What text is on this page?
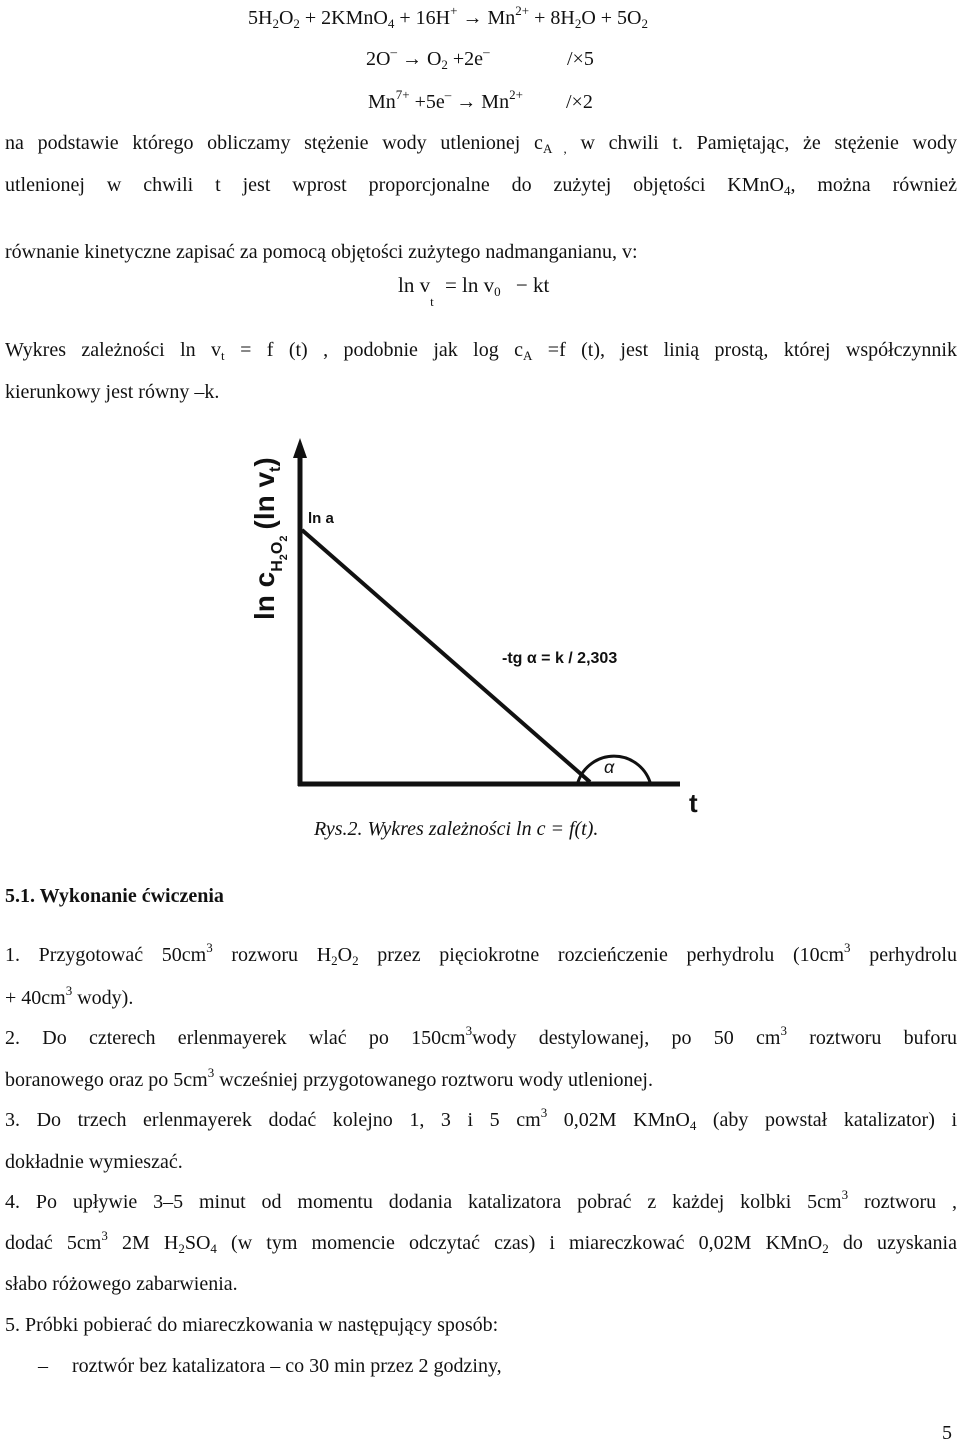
$5H_2O_2$ + 2KMnO$_4$ + $16H^+ \to Mn^{2+} + 8H_2O + 5O_2$
$2O^- \to O_2 +2e^-$	/×5
$Mn^{7+} +5e^- \to Mn^{2+}$ /×2
na podstawie którego obliczamy stężenie wody utlenionej $c_{A ,}$ w chwili t. Pamiętając, że stężenie wody
utlenionej w chwili t jest wprost proporcjonalne do zużytej objętości KMnO$_4$, można również
równanie kinetyczne zapisać za pomocą objętości zużytego nadmanganianu, v:
$\ln v_t = \ln v_0$ − kt
Wykres zależności $\ln v_t = f$ (t) , podobnie jak $\log c_A =f$ (t), jest linią prostą, której współczynnik
kierunkowy jest równy –k.
$\ln c_H2O2(\ln$ $v_t$)
ln a
-tg α = k / 2,303
α
t
Rys.2. Wykres zależności ln c = f(t).
5.1. Wykonanie ćwiczenia
1. Przygotować $50cm^3$ rozworu $H_2O_2$ przez pięciokrotne rozcieńczenie perhydrolu ($10cm^3$ perhydrolu
+ $40cm^3$ wody).
2. Do czterech erlenmayerek wlać po $150cm^3wody$ destylowanej, po 50 $cm^3$ roztworu buforu
boranowego oraz po $5cm^3$ wcześniej przygotowanego roztworu wody utlenionej.
3. Do trzech erlenmayerek dodać kolejno 1, 3 i 5 $cm^3$ 0,02M KMnO$_4$ (aby powstał katalizator) i
dokładnie wymieszać.
4. Po upływie 3–5 minut od momentu dodania katalizatora pobrać z każdej kolbki $5cm^3$ roztworu ,
dodać $5cm^3$ 2M $H_2SO_4$ (w tym momencie odczytać czas) i miareczkować 0,02M KMnO$_2$ do uzyskania
słabo różowego zabarwienia.
5. Próbki pobierać do miareczkowania w następujący sposób:
– roztwór bez katalizatora – co 30 min przez 2 godziny,
5
